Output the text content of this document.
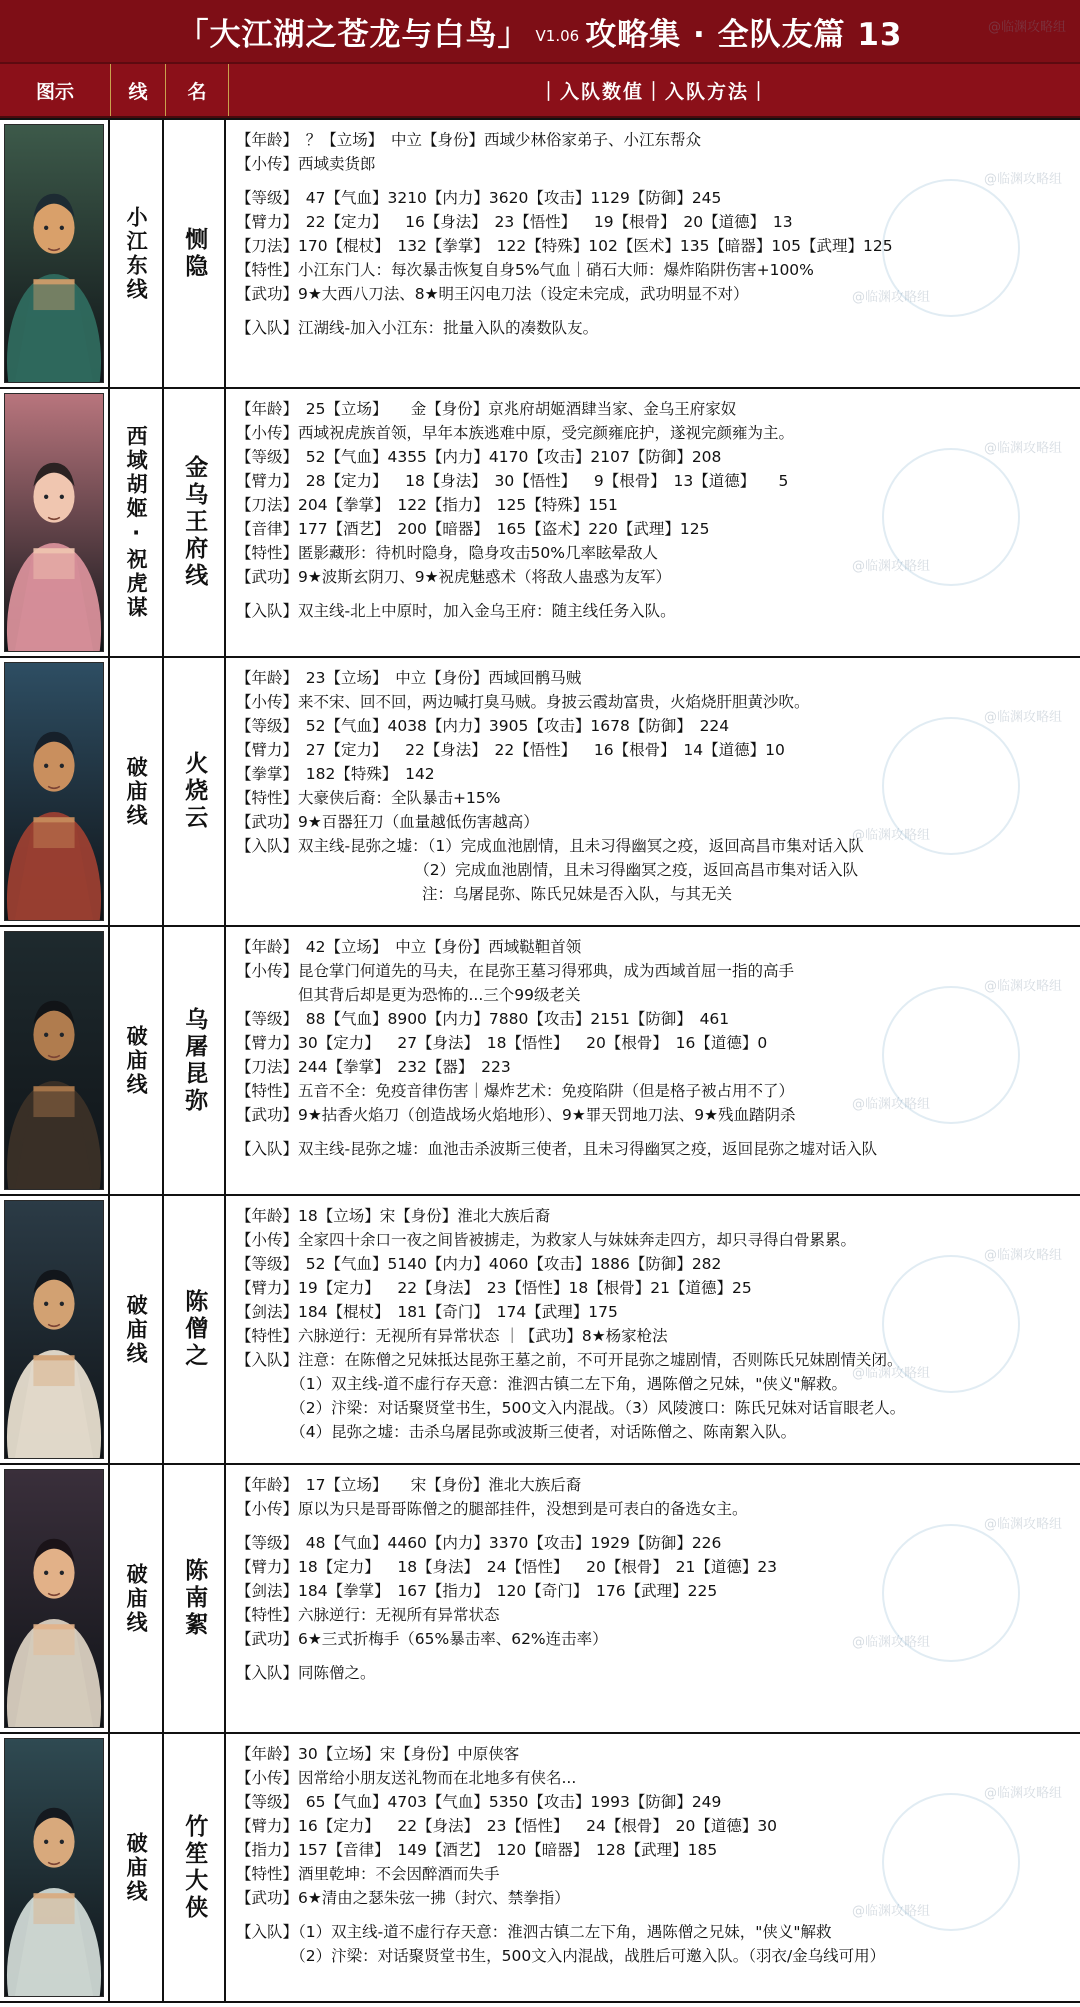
「大江湖之苍龙与白鸟」 V1.06 攻略集 · 全队友篇 13
图示	线	名	｜入队数值｜入队方法｜
@临渊攻略组
小江东线 恻隐
【年龄】　？【立场】　中立【身份】西域少林俗家弟子、小江东帮众
【小传】西域卖货郎
【等级】　47【气血】3210【内力】3620【攻击】1129【防御】245
【臂力】　22【定力】　  16【身法】　23【悟性】　  19【根骨】　20【道德】　13
【刀法】170【棍杖】　132【拳掌】　122【特殊】102【医术】135【暗器】105【武理】125
【特性】小江东门人：每次暴击恢复自身5%气血｜硝石大师：爆炸陷阱伤害+100%
【武功】9★大西八刀法、8★明王闪电刀法（设定未完成，武功明显不对）
【入队】江湖线-加入小江东：批量入队的凑数队友。
@临渊攻略组
@临渊攻略组
西域胡姬·祝虎谋 金乌王府线
【年龄】　25【立场】　　金【身份】京兆府胡姬酒肆当家、金乌王府家奴
【小传】西域祝虎族首领，早年本族逃难中原，受完颜雍庇护，遂视完颜雍为主。
【等级】　52【气血】4355【内力】4170【攻击】2107【防御】208
【臂力】　28【定力】　  18【身法】　30【悟性】　  9【根骨】　13【道德】　　5
【刀法】204【拳掌】　122【指力】　125【特殊】151
【音律】177【酒艺】　200【暗器】　165【盗术】220【武理】125
【特性】匿影藏形：待机时隐身，隐身攻击50%几率眩晕敌人
【武功】9★波斯玄阴刀、9★祝虎魅惑术（将敌人蛊惑为友军）
【入队】双主线-北上中原时，加入金乌王府：随主线任务入队。
@临渊攻略组
@临渊攻略组
破庙线 火烧云
【年龄】　23【立场】　中立【身份】西域回鹘马贼
【小传】来不宋、回不回，两边喊打臭马贼。身披云霞劫富贵，火焰烧肝胆黄沙吹。
【等级】　52【气血】4038【内力】3905【攻击】1678【防御】　224
【臂力】　27【定力】　  22【身法】　22【悟性】　  16【根骨】　14【道德】10
【拳掌】　182【特殊】　142
【特性】大豪侠后裔：全队暴击+15%
【武功】9★百器狂刀（血量越低伤害越高）
【入队】双主线-昆弥之墟：（1）完成血池剧情，且未习得幽冥之疫，返回高昌市集对话入队
　　　　　　　　　　　　（2）完成血池剧情，且未习得幽冥之疫，返回高昌市集对话入队
　　　　　　　　　　　　注：乌屠昆弥、陈氏兄妹是否入队，与其无关
@临渊攻略组
@临渊攻略组
破庙线 乌屠昆弥
【年龄】　42【立场】　中立【身份】西域鞑靼首领
【小传】昆仓掌门何道先的马夫，在昆弥王墓习得邪典，成为西域首屈一指的高手
　　　　但其背后却是更为恐怖的...三个99级老关
【等级】　88【气血】8900【内力】7880【攻击】2151【防御】　461
【臂力】30【定力】　  27【身法】　18【悟性】　  20【根骨】　16【道德】0
【刀法】244【拳掌】　232【器】　223
【特性】五音不全：免疫音律伤害｜爆炸艺术：免疫陷阱（但是格子被占用不了）
【武功】9★拈香火焰刀（创造战场火焰地形）、9★罪天罚地刀法、9★残血踏阴杀
【入队】双主线-昆弥之墟：血池击杀波斯三使者，且未习得幽冥之疫，返回昆弥之墟对话入队
@临渊攻略组
@临渊攻略组
破庙线 陈僧之
【年龄】18【立场】宋【身份】淮北大族后裔
【小传】全家四十余口一夜之间皆被掳走，为救家人与妹妹奔走四方，却只寻得白骨累累。
【等级】　52【气血】5140【内力】4060【攻击】1886【防御】282
【臂力】19【定力】　  22【身法】　23【悟性】18【根骨】21【道德】25
【剑法】184【棍杖】　181【奇门】　174【武理】175
【特性】六脉逆行：无视所有异常状态 ｜【武功】8★杨家枪法
【入队】注意：在陈僧之兄妹抵达昆弥王墓之前，不可开昆弥之墟剧情，否则陈氏兄妹剧情关闭。
　　　　（1）双主线-道不虚行存天意：淮泗古镇二左下角，遇陈僧之兄妹，"侠义"解救。
　　　　（2）汴梁：对话聚贤堂书生，500文入内混战。（3）风陵渡口：陈氏兄妹对话盲眼老人。
　　　　（4）昆弥之墟：击杀乌屠昆弥或波斯三使者，对话陈僧之、陈南絮入队。
@临渊攻略组
@临渊攻略组
破庙线 陈南絮
【年龄】　17【立场】　　宋【身份】淮北大族后裔
【小传】原以为只是哥哥陈僧之的腿部挂件，没想到是可表白的备选女主。
【等级】　48【气血】4460【内力】3370【攻击】1929【防御】226
【臂力】18【定力】　  18【身法】　24【悟性】　  20【根骨】　21【道德】23
【剑法】184【拳掌】　167【指力】　120【奇门】　176【武理】225
【特性】六脉逆行：无视所有异常状态
【武功】6★三式折梅手（65%暴击率、62%连击率）
【入队】同陈僧之。
@临渊攻略组
@临渊攻略组
破庙线 竹笙大侠
【年龄】30【立场】宋【身份】中原侠客
【小传】因常给小朋友送礼物而在北地多有侠名...
【等级】　65【气血】4703【气血】5350【攻击】1993【防御】249
【臂力】16【定力】　  22【身法】　23【悟性】　  24【根骨】　20【道德】30
【指力】157【音律】　149【酒艺】　120【暗器】　128【武理】185
【特性】酒里乾坤：不会因醉酒而失手
【武功】6★清由之瑟朱弦一拂（封穴、禁拳指）
【入队】（1）双主线-道不虚行存天意：淮泗古镇二左下角，遇陈僧之兄妹，"侠义"解救
　　　　（2）汴梁：对话聚贤堂书生，500文入内混战，战胜后可邀入队。（羽衣/金乌线可用）
@临渊攻略组
@临渊攻略组
